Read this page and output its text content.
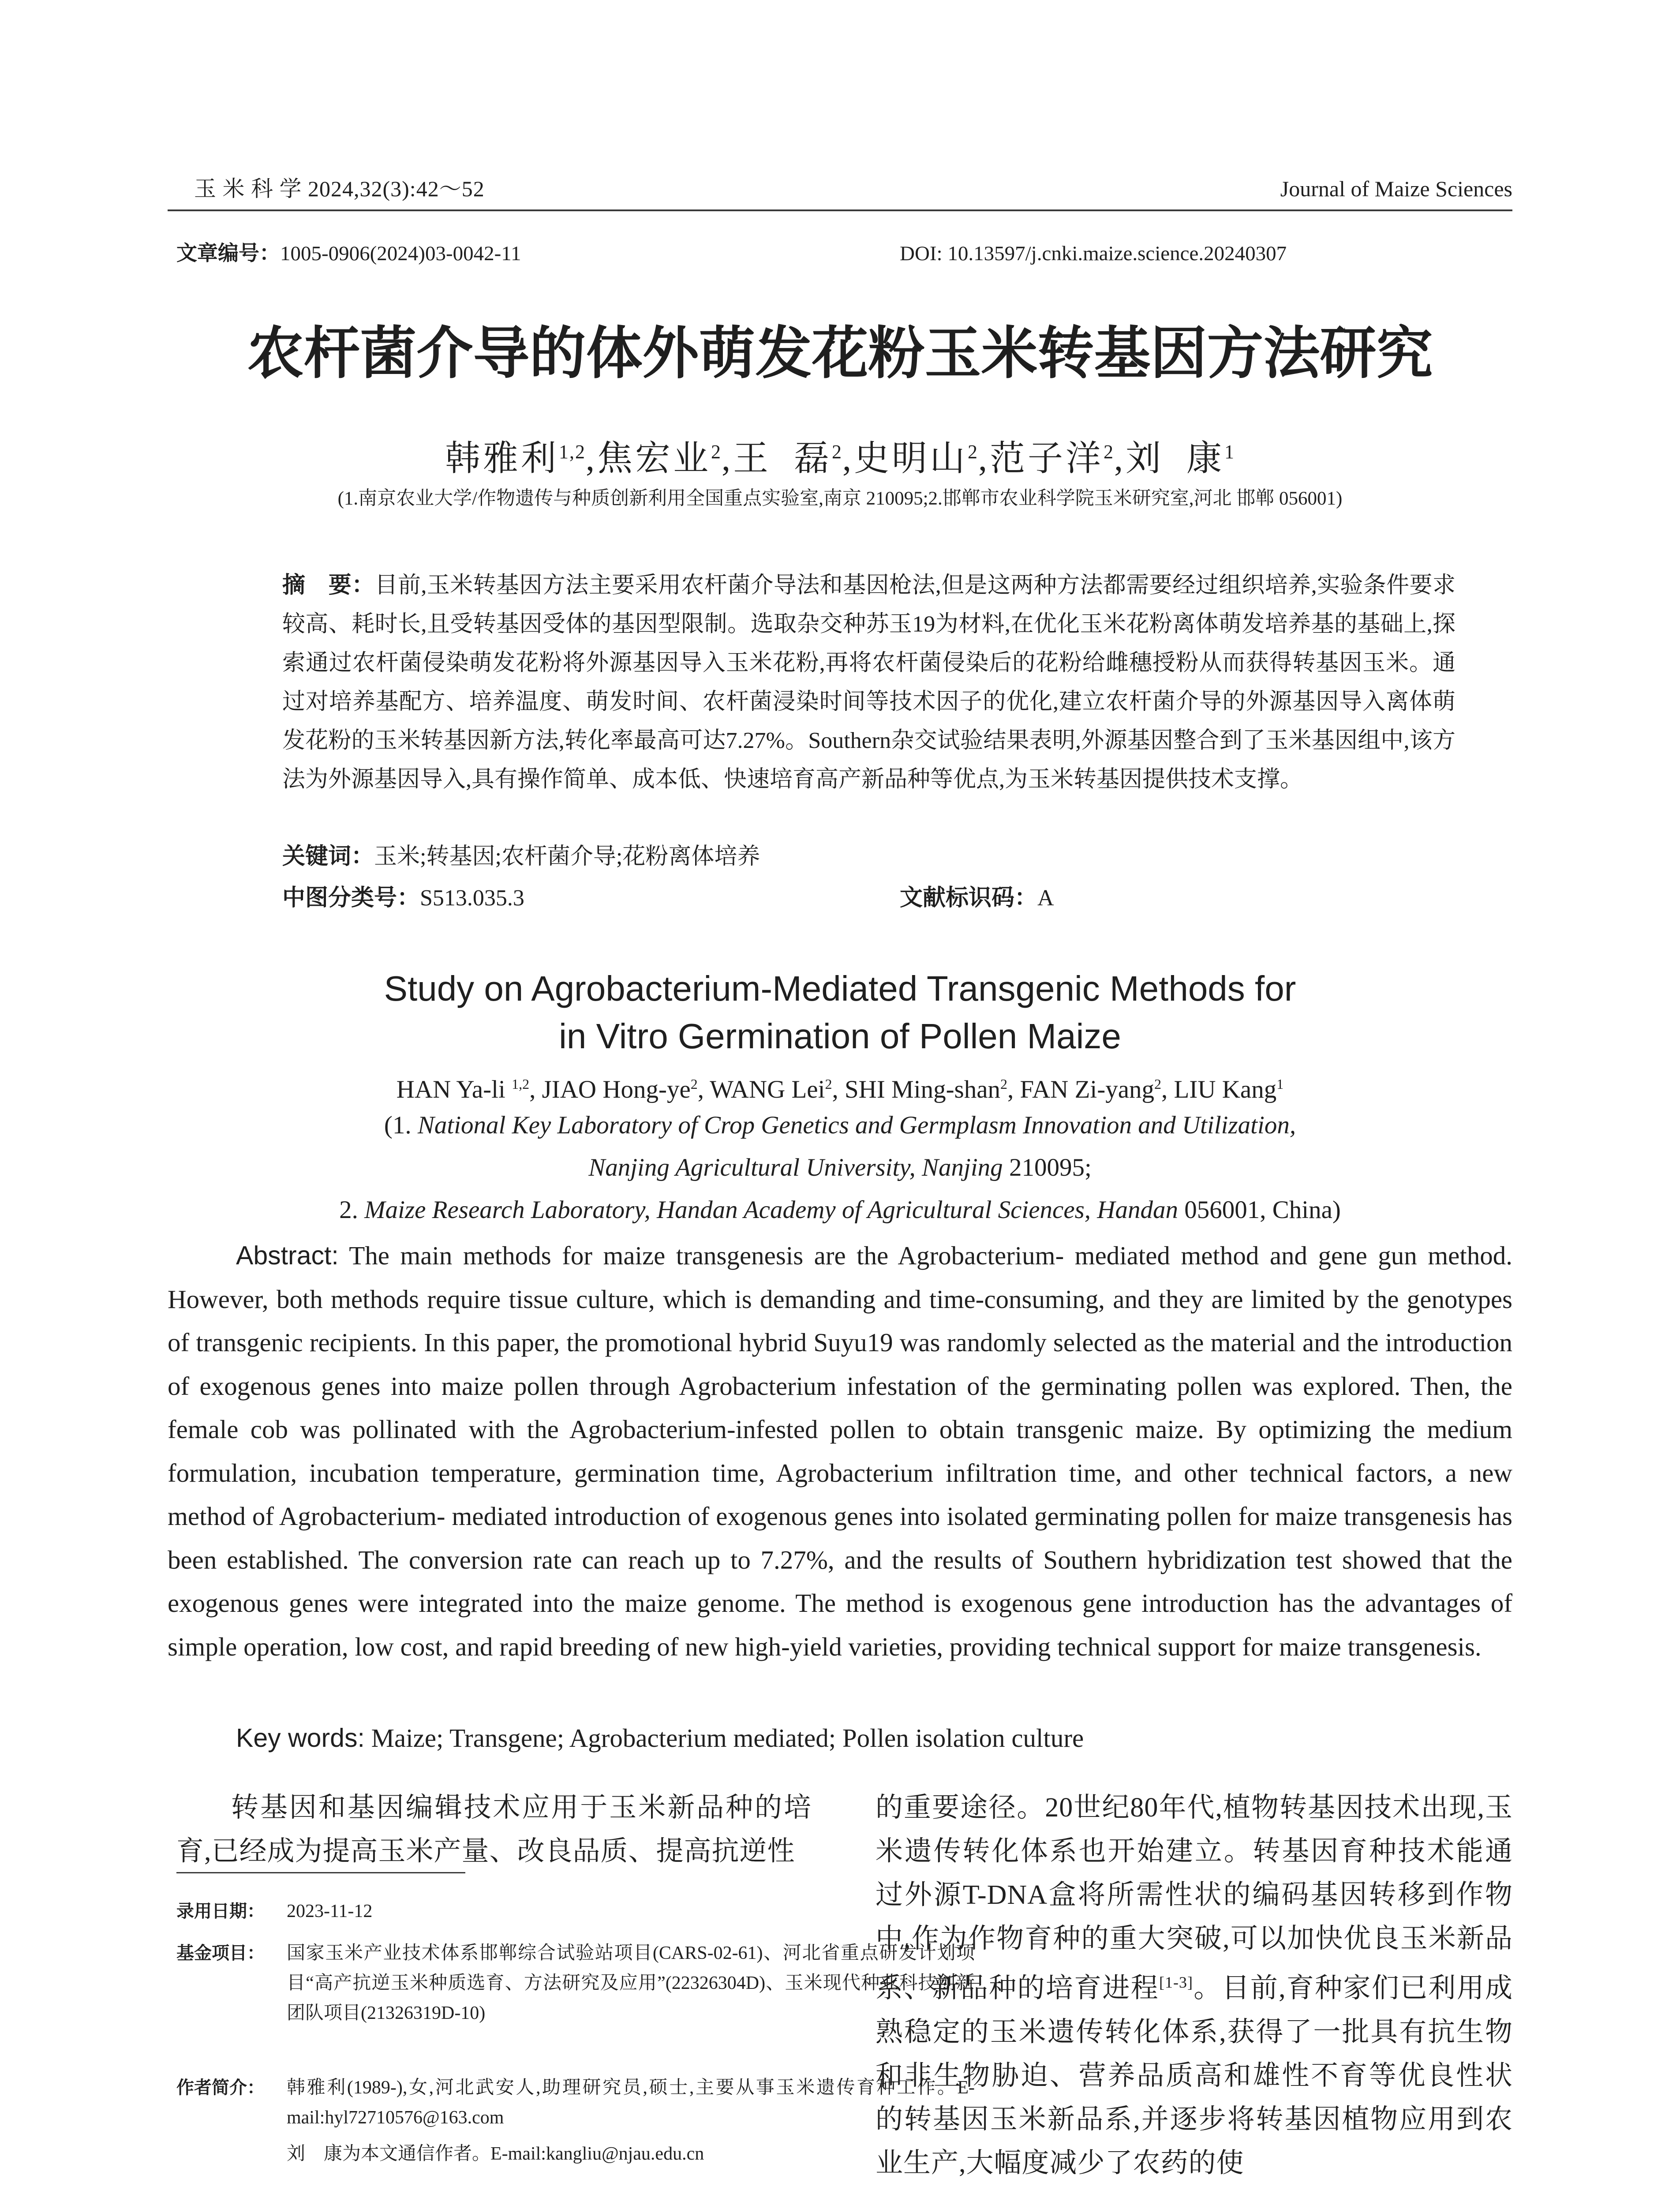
玉 米 科 学 2024,32(3):42～52	Journal of Maize Sciences
文章编号：1005-0906(2024)03-0042-11	DOI: 10.13597/j.cnki.maize.science.20240307
农杆菌介导的体外萌发花粉玉米转基因方法研究
韩雅利$^{1,2}$,焦宏业$^2$,王  磊$^2$,史明山$^2$,范子洋$^2$,刘  康$^1$
(1.南京农业大学/作物遗传与种质创新利用全国重点实验室,南京 210095;2.邯郸市农业科学院玉米研究室,河北 邯郸 056001)
摘　要：目前,玉米转基因方法主要采用农杆菌介导法和基因枪法,但是这两种方法都需要经过组织培养,实验条件要求较高、耗时长,且受转基因受体的基因型限制。选取杂交种苏玉19为材料,在优化玉米花粉离体萌发培养基的基础上,探索通过农杆菌侵染萌发花粉将外源基因导入玉米花粉,再将农杆菌侵染后的花粉给雌穗授粉从而获得转基因玉米。通过对培养基配方、培养温度、萌发时间、农杆菌浸染时间等技术因子的优化,建立农杆菌介导的外源基因导入离体萌发花粉的玉米转基因新方法,转化率最高可达7.27%。Southern杂交试验结果表明,外源基因整合到了玉米基因组中,该方法为外源基因导入,具有操作简单、成本低、快速培育高产新品种等优点,为玉米转基因提供技术支撑。
关键词：玉米;转基因;农杆菌介导;花粉离体培养
中图分类号：S513.035.3	文献标识码：A
Study on Agrobacterium-Mediated Transgenic Methods for
in Vitro Germination of Pollen Maize
HAN Ya-li $^{1,2}$, JIAO Hong-$ye^2$, WANG Lei$^2$, SHI Ming-shan$^2$, FAN Zi-yang$^2$, LIU Kang$^1$
(1. National Key Laboratory of Crop Genetics and Germplasm Innovation and Utilization,
Nanjing Agricultural University, Nanjing 210095;
2. Maize Research Laboratory, Handan Academy of Agricultural Sciences, Handan 056001, China)
Abstract: The main methods for maize transgenesis are the Agrobacterium- mediated method and gene gun method. However, both methods require tissue culture, which is demanding and time-consuming, and they are limited by the genotypes of transgenic recipients. In this paper, the promotional hybrid Suyu19 was randomly selected as the material and the introduction of exogenous genes into maize pollen through Agrobacterium infestation of the germinating pollen was explored. Then, the female cob was pollinated with the Agrobacterium-infested pollen to obtain transgenic maize. By optimizing the medium formulation, incubation temperature, germination time, Agrobacterium infiltration time, and other technical factors, a new method of Agrobacterium- mediated introduction of exogenous genes into isolated germinating pollen for maize transgenesis has been established. The conversion rate can reach up to 7.27%, and the results of Southern hybridization test showed that the exogenous genes were integrated into the maize genome. The method is exogenous gene introduction has the advantages of simple operation, low cost, and rapid breeding of new high-yield varieties, providing technical support for maize transgenesis.
Key words: Maize; Transgene; Agrobacterium mediated; Pollen isolation culture
转基因和基因编辑技术应用于玉米新品种的培育,已经成为提高玉米产量、改良品质、提高抗逆性
录用日期： 2023-11-12
基金项目： 国家玉米产业技术体系邯郸综合试验站项目(CARS-02-61)、河北省重点研发计划项目“高产抗逆玉米种质选育、方法研究及应用”(22326304D)、玉米现代种业科技创新团队项目(21326319D-10)
作者简介： 韩雅利(1989-),女,河北武安人,助理研究员,硕士,主要从事玉米遗传育种工作。E-mail:hyl72710576@163.com
刘　康为本文通信作者。E-mail:kangliu@njau.edu.cn
的重要途径。20世纪80年代,植物转基因技术出现,玉米遗传转化体系也开始建立。转基因育种技术能通过外源T-DNA盒将所需性状的编码基因转移到作物中,作为作物育种的重大突破,可以加快优良玉米新品系、新品种的培育进程[1-3]。目前,育种家们已利用成熟稳定的玉米遗传转化体系,获得了一批具有抗生物和非生物胁迫、营养品质高和雄性不育等优良性状的转基因玉米新品系,并逐步将转基因植物应用到农业生产,大幅度减少了农药的使
